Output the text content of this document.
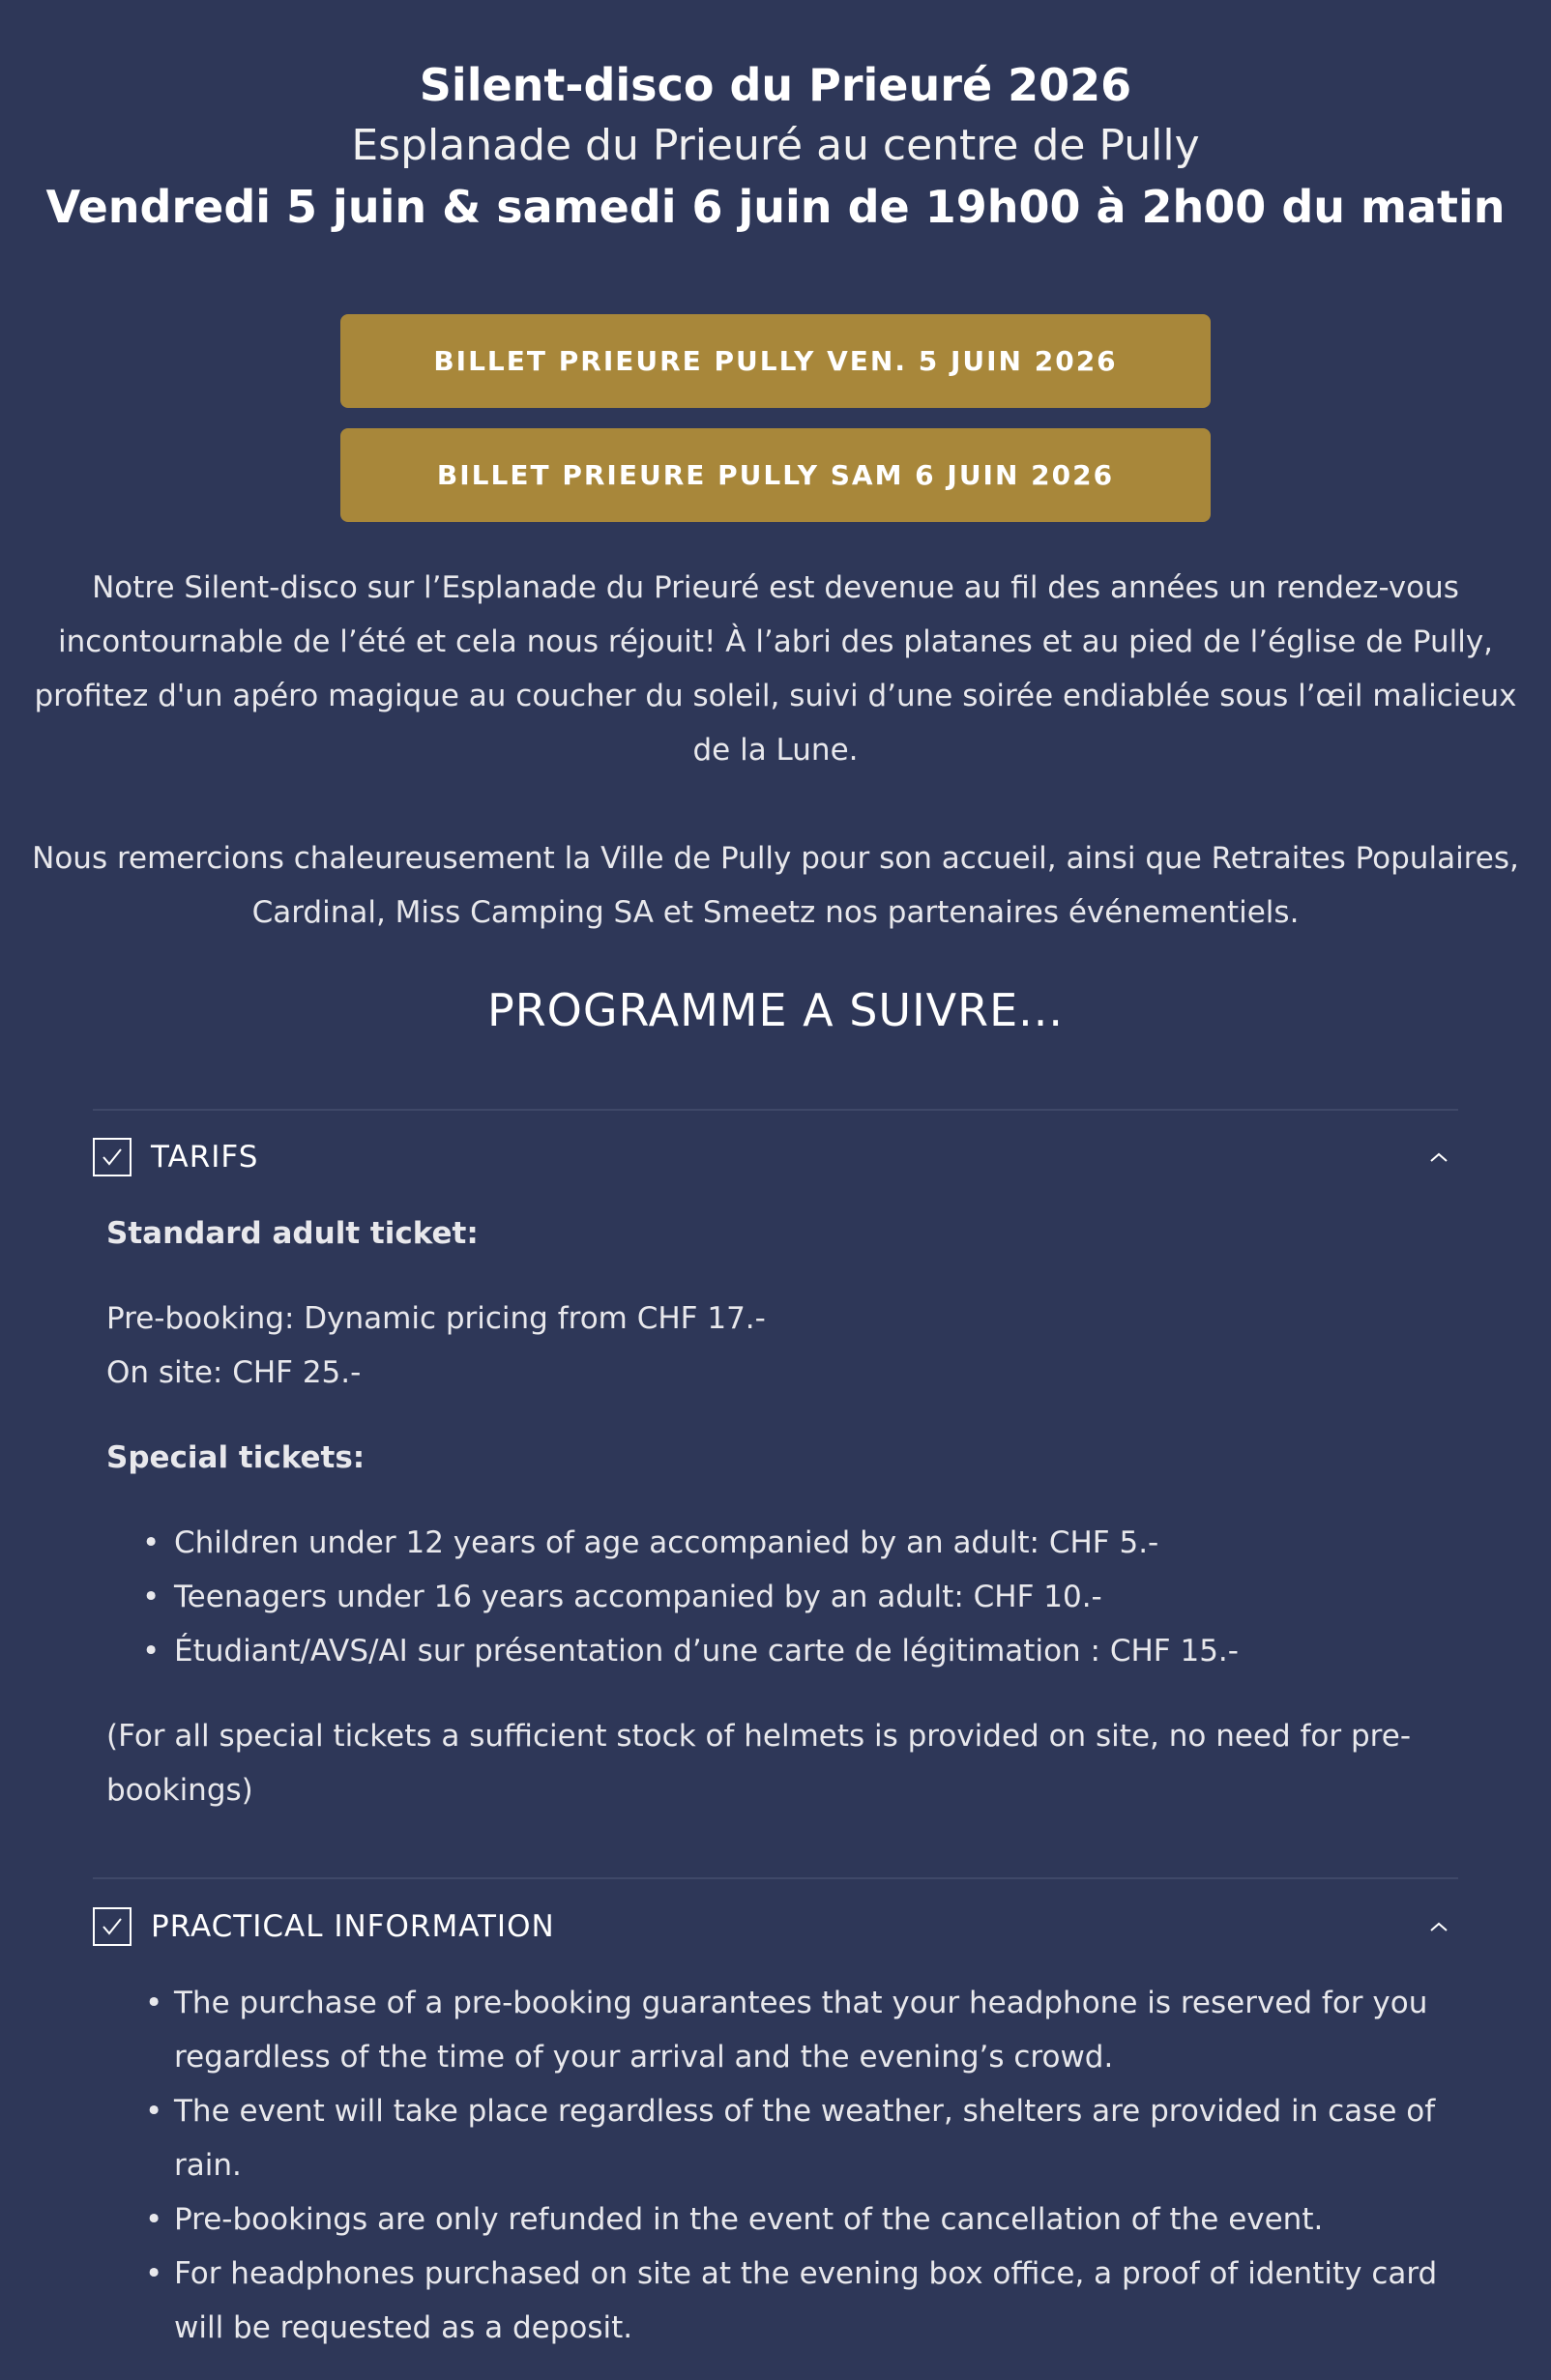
Silent-disco du Prieuré 2026
Esplanade du Prieuré au centre de Pully
Vendredi 5 juin & samedi 6 juin de 19h00 à 2h00 du matin
BILLET PRIEURE PULLY VEN. 5 JUIN 2026
BILLET PRIEURE PULLY SAM 6 JUIN 2026

Notre Silent-disco sur l’Esplanade du Prieuré est devenue au fil des années un rendez-vous incontournable de l’été et cela nous réjouit! À l’abri des platanes et au pied de l’église de Pully, profitez d'un apéro magique au coucher du soleil, suivi d’une soirée endiablée sous l’œil malicieux de la Lune.

Nous remercions chaleureusement la Ville de Pully pour son accueil, ainsi que Retraites Populaires, Cardinal, Miss Camping SA et Smeetz nos partenaires événementiels.

PROGRAMME A SUIVRE...
TARIFS

Standard adult ticket:

Pre-booking: Dynamic pricing from CHF 17.-

On site: CHF 25.-

Special tickets:

• Children under 12 years of age accompanied by an adult: CHF 5.-
• Teenagers under 16 years accompanied by an adult: CHF 10.-
• Étudiant/AVS/AI sur présentation d’une carte de légitimation : CHF 15.-

(For all special tickets a sufficient stock of helmets is provided on site, no need for pre-bookings)

PRACTICAL INFORMATION

• The purchase of a pre-booking guarantees that your headphone is reserved for you regardless of the time of your arrival and the evening’s crowd.

• The event will take place regardless of the weather, shelters are provided in case of rain.

• Pre-bookings are only refunded in the event of the cancellation of the event.

• For headphones purchased on site at the evening box office, a proof of identity card will be requested as a deposit.
